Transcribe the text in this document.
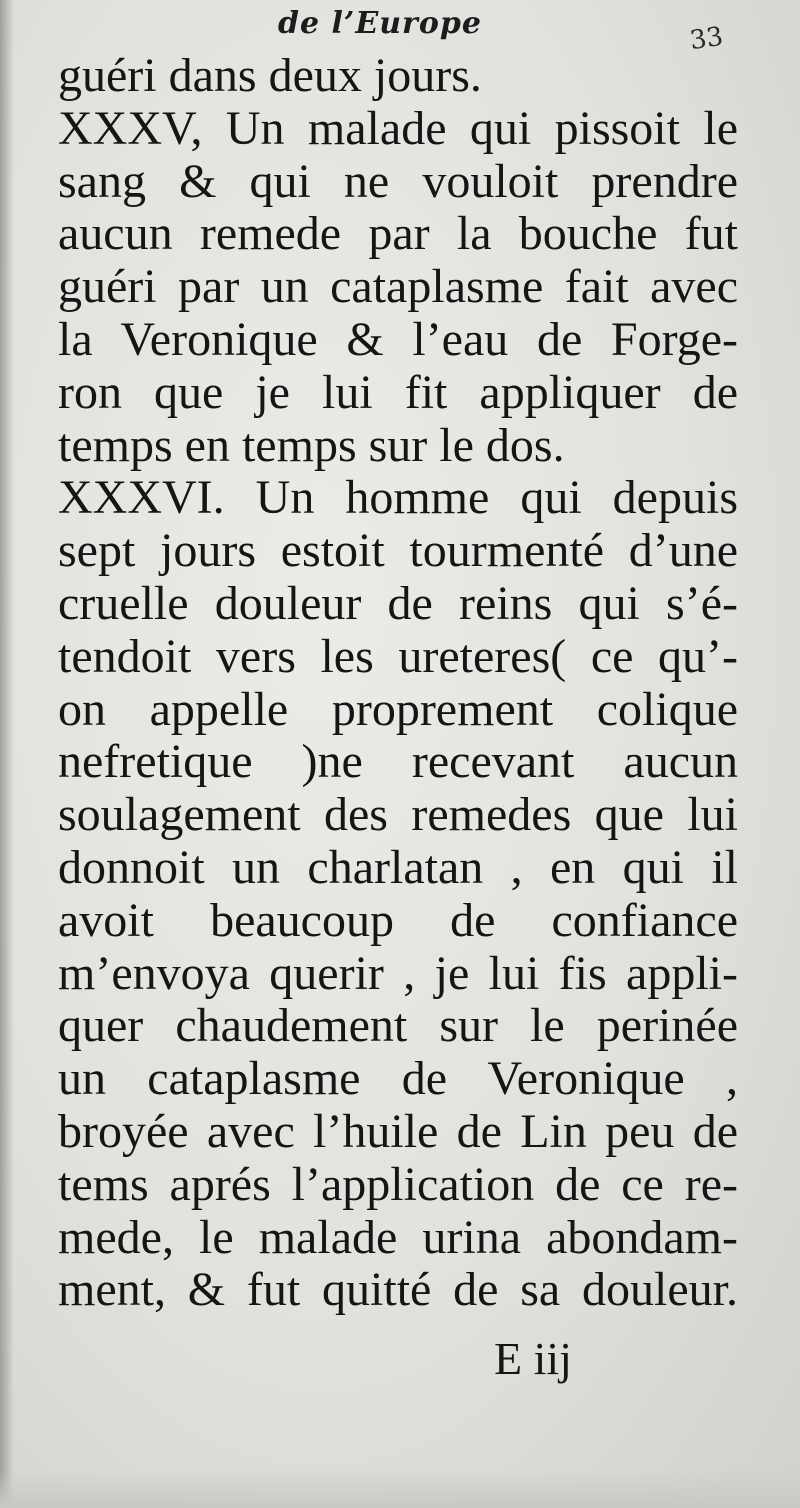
de l’Europe	33
guéri dans deux jours.
XXXV, Un malade qui pissoit le
sang & qui ne vouloit prendre
aucun remede par la bouche fut
guéri par un cataplasme fait avec
la Veronique & l’eau de Forge-
ron que je lui fit appliquer de
temps en temps sur le dos.
XXXVI. Un homme qui depuis
sept jours estoit tourmenté d’une
cruelle douleur de reins qui s’é-
tendoit vers les ureteres( ce qu’-
on appelle proprement colique
nefretique )ne recevant aucun
soulagement des remedes que lui
donnoit un charlatan , en qui il
avoit beaucoup de confiance
m’envoya querir , je lui fis appli-
quer chaudement sur le perinée
un cataplasme de Veronique ,
broyée avec l’huile de Lin peu de
tems aprés l’application de ce re-
mede, le malade urina abondam-
ment, & fut quitté de sa douleur.
E iij
